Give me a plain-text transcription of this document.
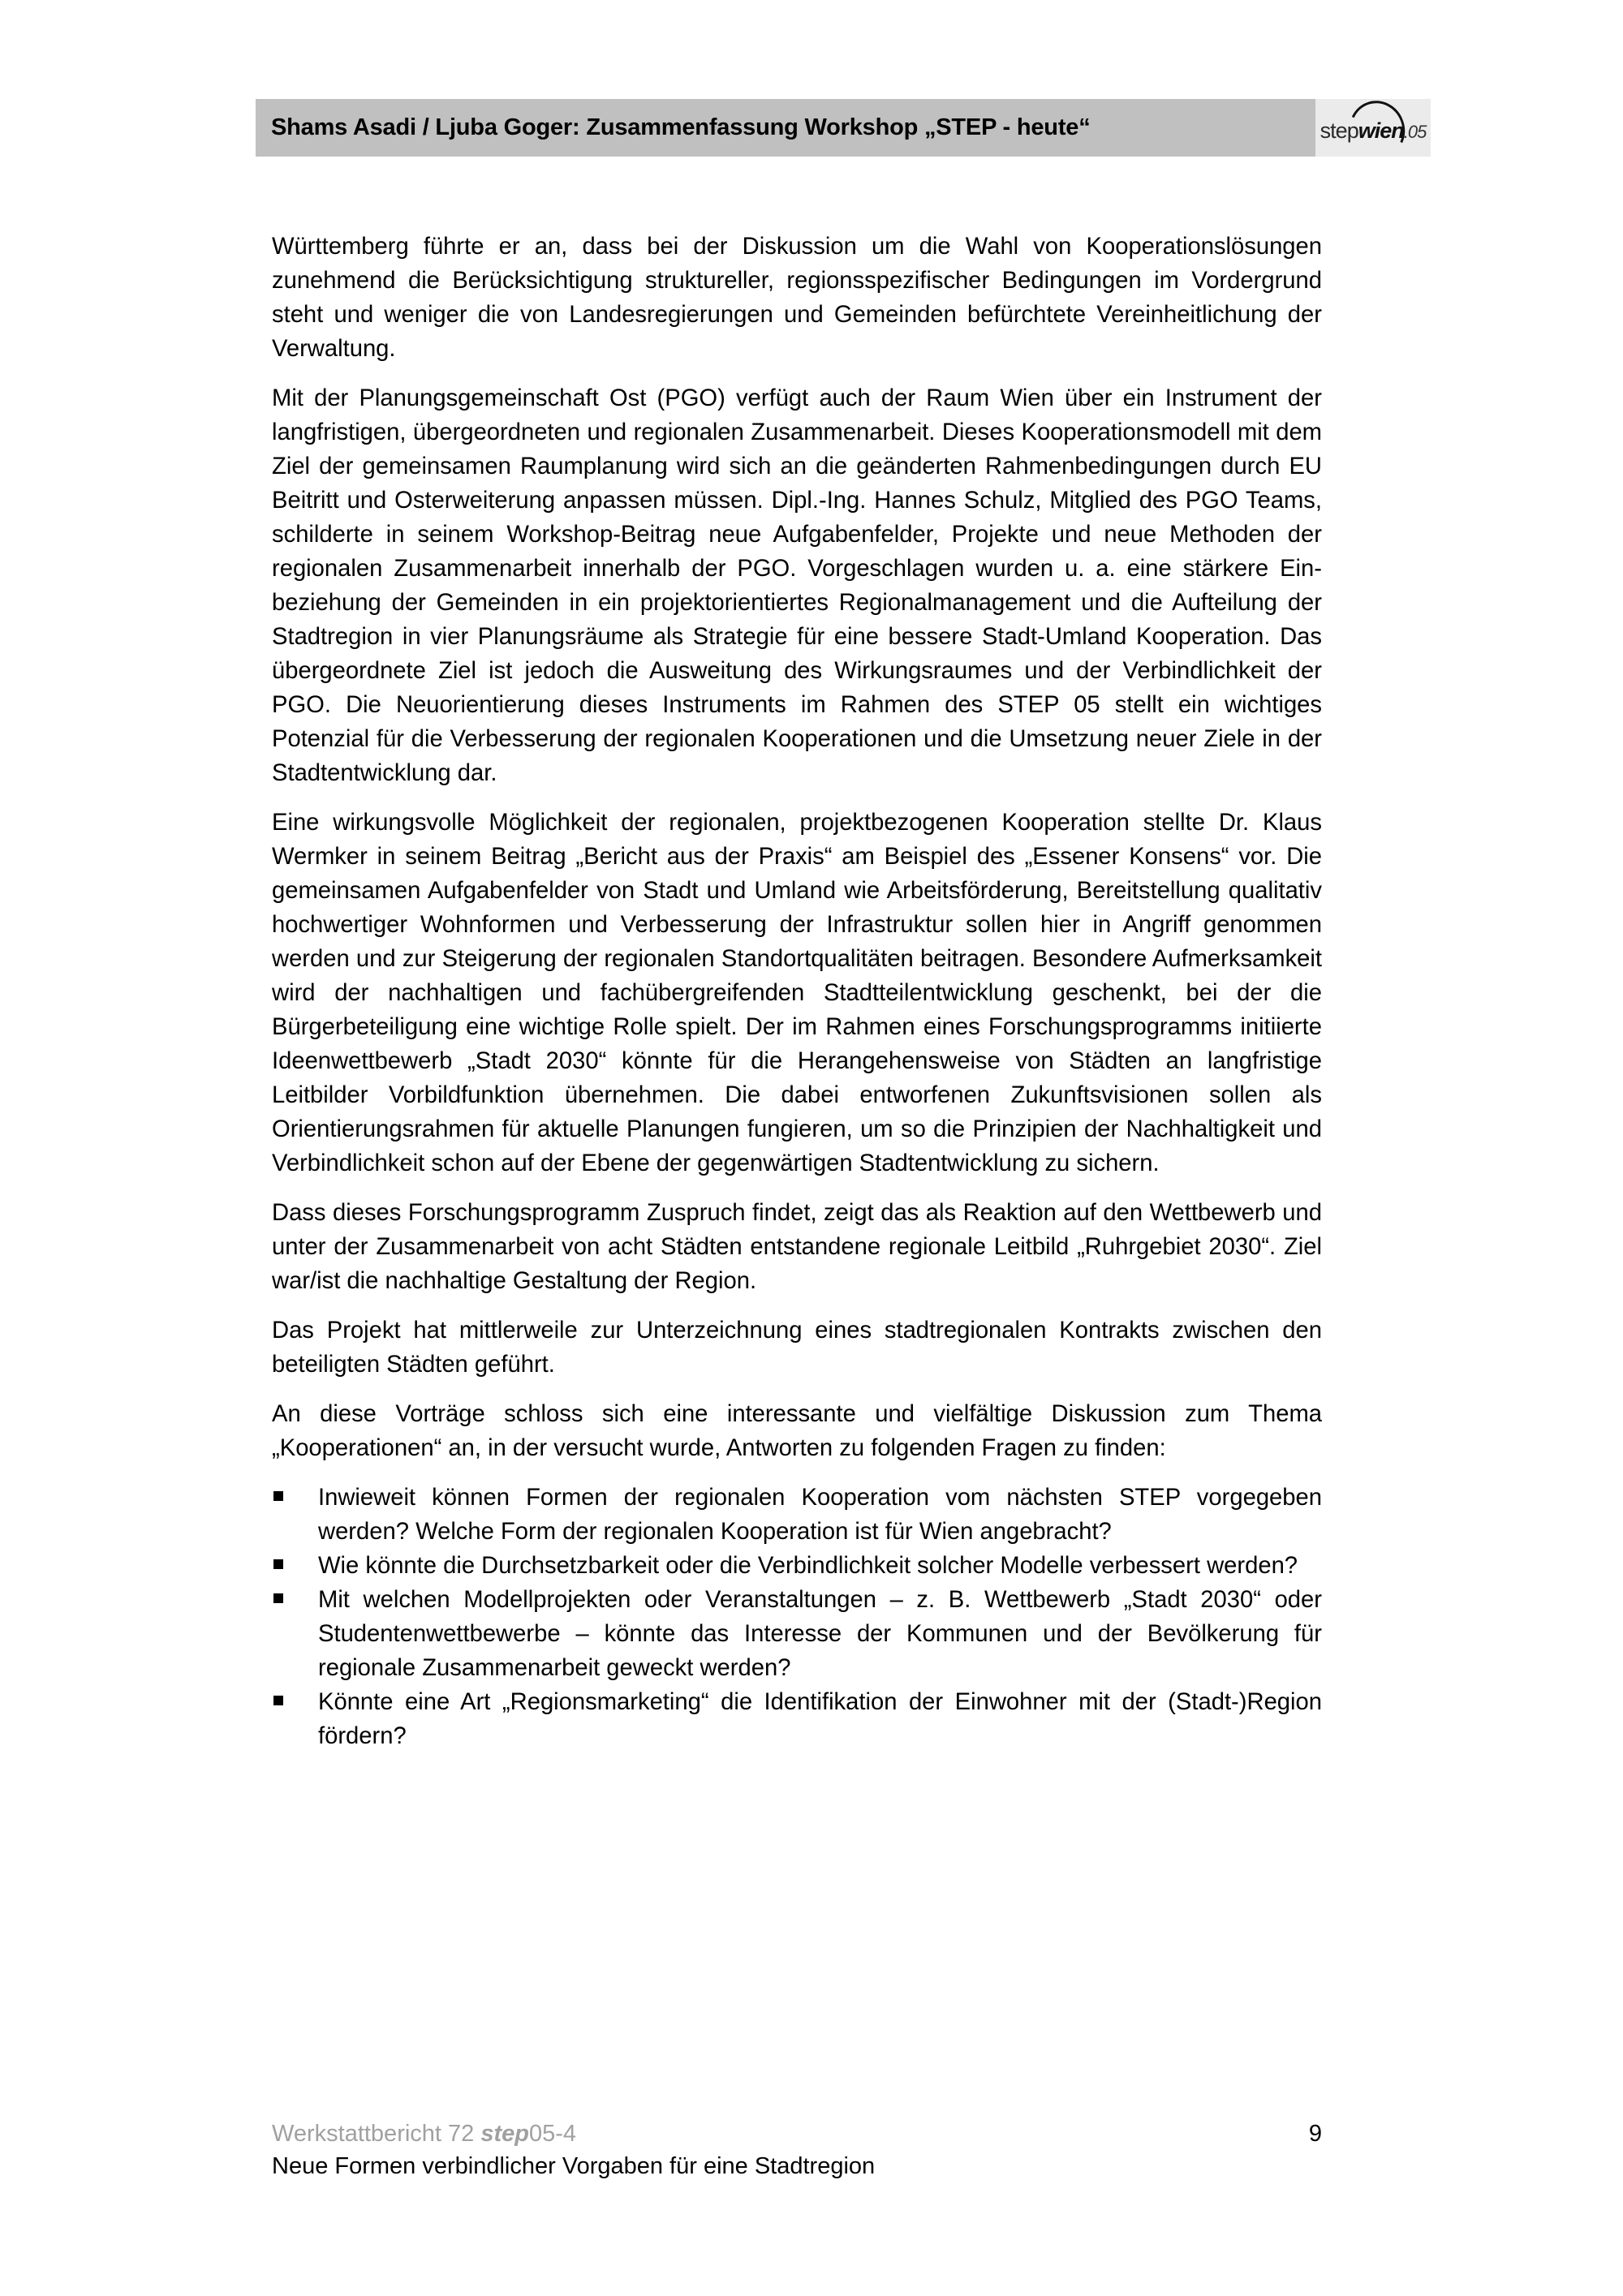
Shams Asadi / Ljuba Goger: Zusammenfassung Workshop „STEP - heute“	stepwien.05

Württemberg führte er an, dass bei der Diskussion um die Wahl von Kooperationslösungen zunehmend die Berücksichtigung struktureller, regionsspezifischer Bedingungen im Vordergrund steht und weniger die von Landesregierungen und Gemeinden befürchtete Vereinheitlichung der Verwaltung.

Mit der Planungsgemeinschaft Ost (PGO) verfügt auch der Raum Wien über ein Instrument der langfristigen, übergeordneten und regionalen Zusammenarbeit. Dieses Kooperationsmodell mit dem Ziel der gemeinsamen Raumplanung wird sich an die geänderten Rahmenbedingungen durch EU Beitritt und Osterweiterung anpassen müssen. Dipl.-Ing. Hannes Schulz, Mitglied des PGO Teams, schilderte in seinem Workshop-Beitrag neue Aufgabenfelder, Projekte und neue Methoden der regionalen Zusammenarbeit innerhalb der PGO. Vorgeschlagen wurden u. a. eine stärkere Einbeziehung der Gemeinden in ein projektorientiertes Regionalmanagement und die Aufteilung der Stadtregion in vier Planungsräume als Strategie für eine bessere Stadt-Umland Kooperation. Das übergeordnete Ziel ist jedoch die Ausweitung des Wirkungsraumes und der Verbindlichkeit der PGO. Die Neuorientierung dieses Instruments im Rahmen des STEP 05 stellt ein wichtiges Potenzial für die Verbesserung der regionalen Kooperationen und die Umsetzung neuer Ziele in der Stadtentwicklung dar.

Eine wirkungsvolle Möglichkeit der regionalen, projektbezogenen Kooperation stellte Dr. Klaus Wermker in seinem Beitrag „Bericht aus der Praxis“ am Beispiel des „Essener Konsens“ vor. Die gemeinsamen Aufgabenfelder von Stadt und Umland wie Arbeitsförderung, Bereitstellung qualitativ hochwertiger Wohnformen und Verbesserung der Infrastruktur sollen hier in Angriff genommen werden und zur Steigerung der regionalen Standortqualitäten beitragen. Besondere Aufmerksamkeit wird der nachhaltigen und fachübergreifenden Stadtteilentwicklung geschenkt, bei der die Bürgerbeteiligung eine wichtige Rolle spielt. Der im Rahmen eines Forschungsprogramms initiierte Ideenwettbewerb „Stadt 2030“ könnte für die Herangehensweise von Städten an langfristige Leitbilder Vorbildfunktion übernehmen. Die dabei entworfenen Zukunftsvisionen sollen als Orientierungsrahmen für aktuelle Planungen fungieren, um so die Prinzipien der Nachhaltigkeit und Verbindlichkeit schon auf der Ebene der gegenwärtigen Stadtentwicklung zu sichern.

Dass dieses Forschungsprogramm Zuspruch findet, zeigt das als Reaktion auf den Wettbewerb und unter der Zusammenarbeit von acht Städten entstandene regionale Leitbild „Ruhrgebiet 2030“. Ziel war/ist die nachhaltige Gestaltung der Region.

Das Projekt hat mittlerweile zur Unterzeichnung eines stadtregionalen Kontrakts zwischen den beteiligten Städten geführt.

An diese Vorträge schloss sich eine interessante und vielfältige Diskussion zum Thema „Kooperationen“ an, in der versucht wurde, Antworten zu folgenden Fragen zu finden:

Inwieweit können Formen der regionalen Kooperation vom nächsten STEP vorgegeben werden? Welche Form der regionalen Kooperation ist für Wien angebracht?
Wie könnte die Durchsetzbarkeit oder die Verbindlichkeit solcher Modelle verbessert werden?
Mit welchen Modellprojekten oder Veranstaltungen – z. B. Wettbewerb „Stadt 2030“ oder Studentenwettbewerbe – könnte das Interesse der Kommunen und der Bevölkerung für regionale Zusammenarbeit geweckt werden?
Könnte eine Art „Regionsmarketing“ die Identifikation der Einwohner mit der (Stadt-)Region fördern?
Werkstattbericht 72 step05-4	9
Neue Formen verbindlicher Vorgaben für eine Stadtregion
